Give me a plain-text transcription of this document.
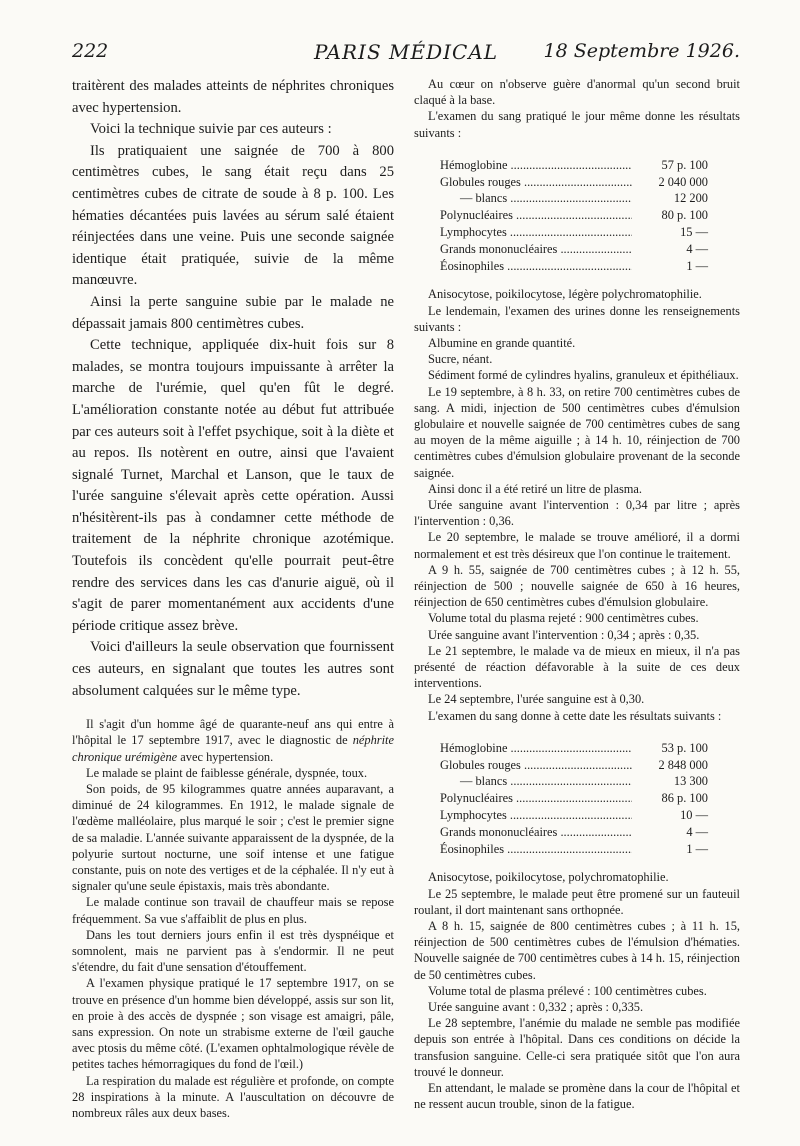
222	PARIS MÉDICAL	18 Septembre 1926.

traitèrent des malades atteints de néphrites chroniques avec hypertension.

Voici la technique suivie par ces auteurs :

Ils pratiquaient une saignée de 700 à 800 centimètres cubes, le sang était reçu dans 25 centimètres cubes de citrate de soude à 8 p. 100. Les hématies décantées puis lavées au sérum salé étaient réinjectées dans une veine. Puis une seconde saignée identique était pratiquée, suivie de la même manœuvre.

Ainsi la perte sanguine subie par le malade ne dépassait jamais 800 centimètres cubes.

Cette technique, appliquée dix-huit fois sur 8 malades, se montra toujours impuissante à arrêter la marche de l'urémie, quel qu'en fût le degré. L'amélioration constante notée au début fut attribuée par ces auteurs soit à l'effet psychique, soit à la diète et au repos. Ils notèrent en outre, ainsi que l'avaient signalé Turnet, Marchal et Lanson, que le taux de l'urée sanguine s'élevait après cette opération. Aussi n'hésitèrent-ils pas à condamner cette méthode de traitement de la néphrite chronique azotémique. Toutefois ils concèdent qu'elle pourrait peut-être rendre des services dans les cas d'anurie aiguë, où il s'agit de parer momentanément aux accidents d'une période critique assez brève.

Voici d'ailleurs la seule observation que fournissent ces auteurs, en signalant que toutes les autres sont absolument calquées sur le même type.

Il s'agit d'un homme âgé de quarante-neuf ans qui entre à l'hôpital le 17 septembre 1917, avec le diagnostic de néphrite chronique urémigène avec hypertension.

Le malade se plaint de faiblesse générale, dyspnée, toux.

Son poids, de 95 kilogrammes quatre années auparavant, a diminué de 24 kilogrammes. En 1912, le malade signale de l'œdème malléolaire, plus marqué le soir ; c'est le premier signe de sa maladie. L'année suivante apparaissent de la dyspnée, de la polyurie surtout nocturne, une soif intense et une fatigue constante, puis on note des vertiges et de la céphalée. Il n'y eut à signaler qu'une seule épistaxis, mais très abondante.

Le malade continue son travail de chauffeur mais se repose fréquemment. Sa vue s'affaiblit de plus en plus.

Dans les tout derniers jours enfin il est très dyspnéique et somnolent, mais ne parvient pas à s'endormir. Il ne peut s'étendre, du fait d'une sensation d'étouffement.

A l'examen physique pratiqué le 17 septembre 1917, on se trouve en présence d'un homme bien développé, assis sur son lit, en proie à des accès de dyspnée ; son visage est amaigri, pâle, sans expression. On note un strabisme externe de l'œil gauche avec ptosis du même côté. (L'examen ophtalmologique révèle de petites taches hémorragiques du fond de l'œil.)

La respiration du malade est régulière et profonde, on compte 28 inspirations à la minute. A l'auscultation on découvre de nombreux râles aux deux bases.

Au cœur on n'observe guère d'anormal qu'un second bruit claqué à la base.

L'examen du sang pratiqué le jour même donne les résultats suivants :

Hémoglobine .....	57 p. 100
Globules rouges .....	2 040 000
— blancs .....	12 200
Polynucléaires .....	80 p. 100
Lymphocytes .....	15 —
Grands mononucléaires .....	4 —
Éosinophiles .....	1 —

Anisocytose, poikilocytose, légère polychromatophilie.

Le lendemain, l'examen des urines donne les renseignements suivants :

Albumine en grande quantité.

Sucre, néant.

Sédiment formé de cylindres hyalins, granuleux et épithéliaux.

Le 19 septembre, à 8 h. 33, on retire 700 centimètres cubes de sang. A midi, injection de 500 centimètres cubes d'émulsion globulaire et nouvelle saignée de 700 centimètres cubes de sang au moyen de la même aiguille ; à 14 h. 10, réinjection de 700 centimètres cubes d'émulsion globulaire provenant de la seconde saignée.

Ainsi donc il a été retiré un litre de plasma.

Urée sanguine avant l'intervention : 0,34 par litre ; après l'intervention : 0,36.

Le 20 septembre, le malade se trouve amélioré, il a dormi normalement et est très désireux que l'on continue le traitement.

A 9 h. 55, saignée de 700 centimètres cubes ; à 12 h. 55, réinjection de 500 ; nouvelle saignée de 650 à 16 heures, réinjection de 650 centimètres cubes d'émulsion globulaire.

Volume total du plasma rejeté : 900 centimètres cubes.

Urée sanguine avant l'intervention : 0,34 ; après : 0,35.

Le 21 septembre, le malade va de mieux en mieux, il n'a pas présenté de réaction défavorable à la suite de ces deux interventions.

Le 24 septembre, l'urée sanguine est à 0,30.

L'examen du sang donne à cette date les résultats suivants :

Hémoglobine .....	53 p. 100
Globules rouges .....	2 848 000
— blancs .....	13 300
Polynucléaires .....	86 p. 100
Lymphocytes .....	10 —
Grands mononucléaires .....	4 —
Éosinophiles .....	1 —

Anisocytose, poikilocytose, polychromatophilie.

Le 25 septembre, le malade peut être promené sur un fauteuil roulant, il dort maintenant sans orthopnée.

A 8 h. 15, saignée de 800 centimètres cubes ; à 11 h. 15, réinjection de 500 centimètres cubes de l'émulsion d'hématies. Nouvelle saignée de 700 centimètres cubes à 14 h. 15, réinjection de 50 centimètres cubes.

Volume total de plasma prélevé : 100 centimètres cubes.

Urée sanguine avant : 0,332 ; après : 0,335.

Le 28 septembre, l'anémie du malade ne semble pas modifiée depuis son entrée à l'hôpital. Dans ces conditions on décide la transfusion sanguine. Celle-ci sera pratiquée sitôt que l'on aura trouvé le donneur.

En attendant, le malade se promène dans la cour de l'hôpital et ne ressent aucun trouble, sinon de la fatigue.
